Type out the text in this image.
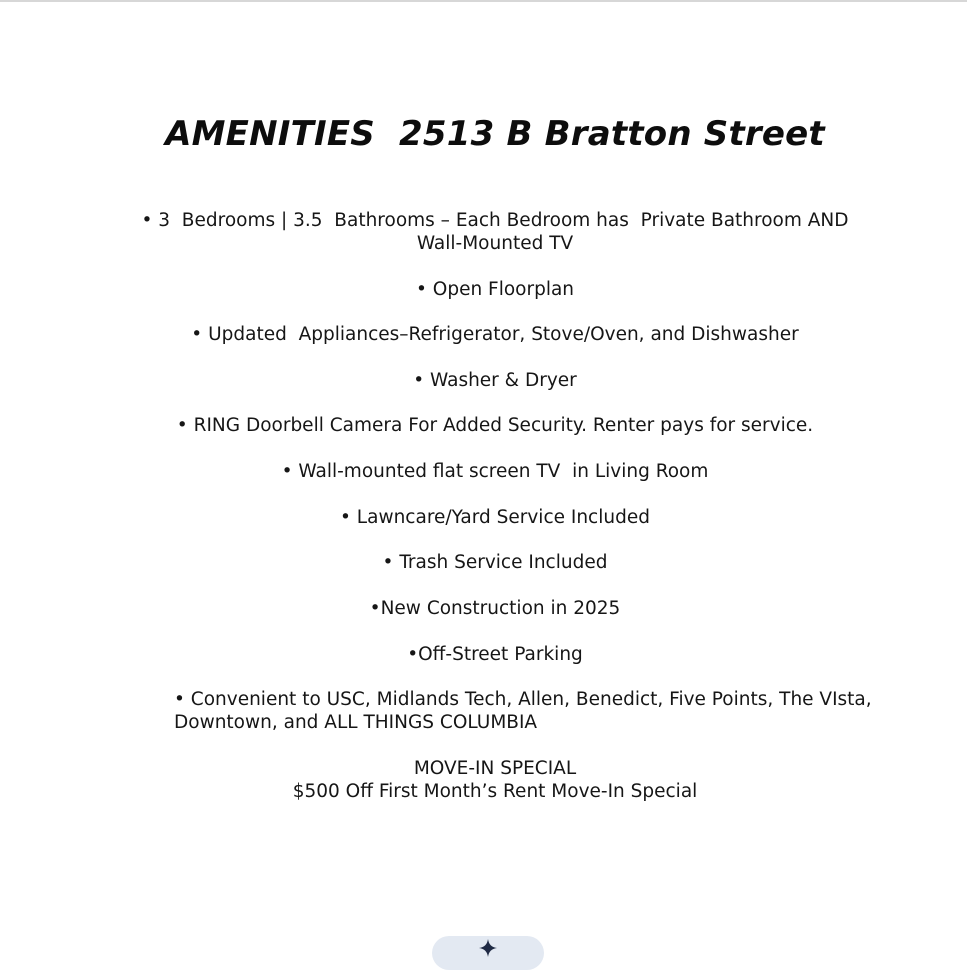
AMENITIES  2513 B Bratton Street
• 3  Bedrooms | 3.5  Bathrooms – Each Bedroom has  Private Bathroom AND
Wall-Mounted TV
• Open Floorplan
• Updated  Appliances–Refrigerator, Stove/Oven, and Dishwasher
• Washer & Dryer
• RING Doorbell Camera For Added Security. Renter pays for service.
• Wall-mounted flat screen TV  in Living Room
• Lawncare/Yard Service Included
• Trash Service Included
•New Construction in 2025
•Off-Street Parking
• Convenient to USC, Midlands Tech, Allen, Benedict, Five Points, The VIsta,
Downtown, and ALL THINGS COLUMBIA
MOVE-IN SPECIAL
$500 Off First Month’s Rent Move-In Special
